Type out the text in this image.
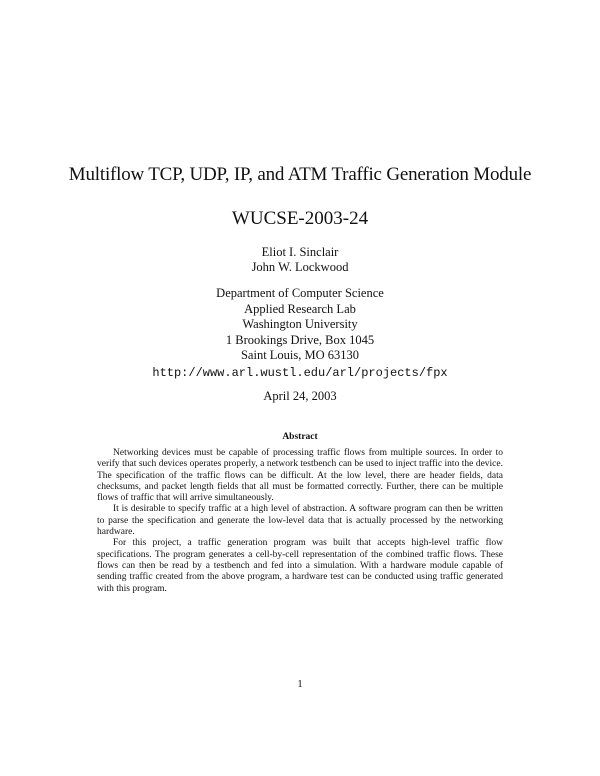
Multiflow TCP, UDP, IP, and ATM Traffic Generation Module
WUCSE-2003-24
Eliot I. Sinclair
John W. Lockwood
Department of Computer Science
Applied Research Lab
Washington University
1 Brookings Drive, Box 1045
Saint Louis, MO 63130
http://www.arl.wustl.edu/arl/projects/fpx
April 24, 2003
Abstract

Networking devices must be capable of processing traffic flows from multiple sources. In order to verify that such devices operates properly, a network testbench can be used to inject traffic into the device. The specification of the traffic flows can be difficult. At the low level, there are header fields, data checksums, and packet length fields that all must be formatted correctly. Further, there can be multiple flows of traffic that will arrive simultaneously.

It is desirable to specify traffic at a high level of abstraction. A software program can then be written to parse the specification and generate the low-level data that is actually processed by the networking hardware.

For this project, a traffic generation program was built that accepts high-level traffic flow specifications. The program generates a cell-by-cell representation of the combined traffic flows. These flows can then be read by a testbench and fed into a simulation. With a hardware module capable of sending traffic created from the above program, a hardware test can be conducted using traffic generated with this program.

1
